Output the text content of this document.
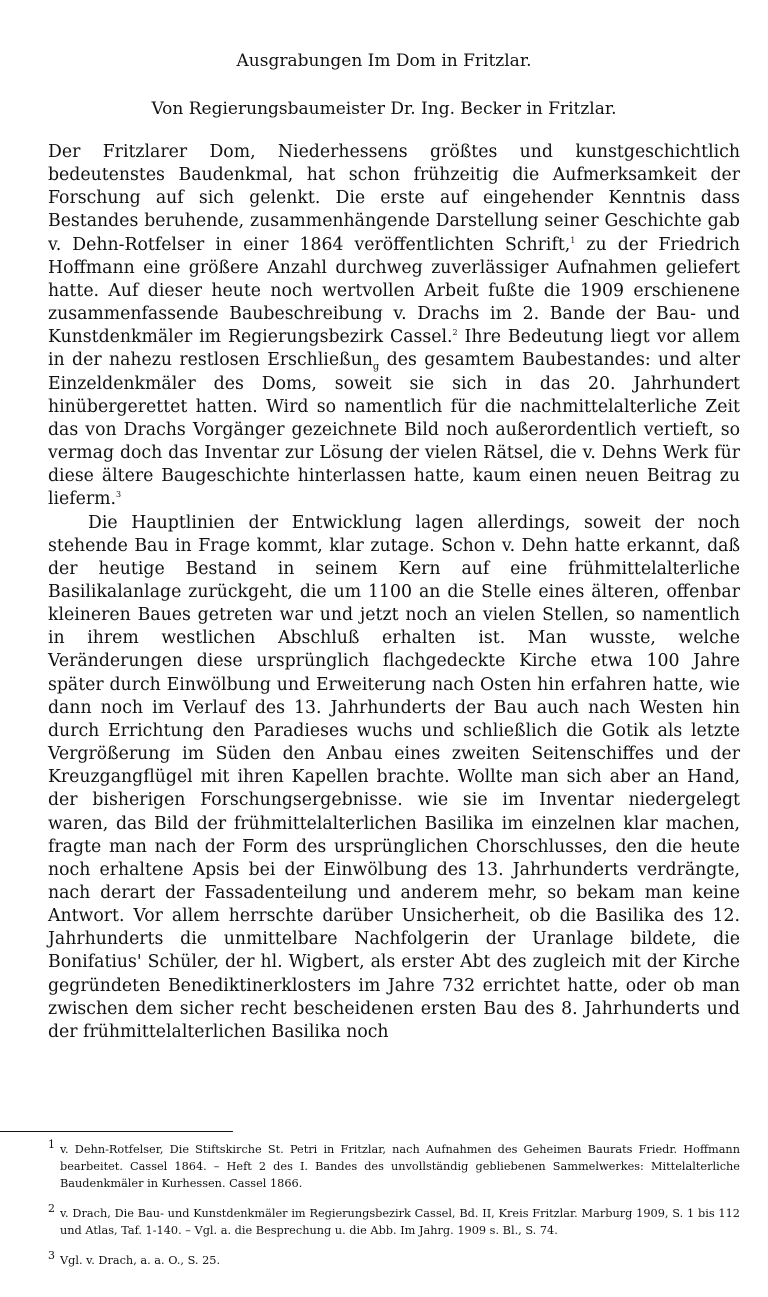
Ausgrabungen Im Dom in Fritzlar.
Von Regierungsbaumeister Dr. Ing. Becker in Fritzlar.

Der Fritzlarer Dom, Niederhessens größtes und kunstgeschichtlich bedeutenstes Baudenkmal, hat schon frühzeitig die Aufmerksamkeit der Forschung auf sich gelenkt. Die erste auf eingehender Kenntnis dass Bestandes beruhende, zusammenhängende Darstellung seiner Geschichte gab v. Dehn-Rotfelser in einer 1864 veröffentlichten Schrift,$^1$ zu der Friedrich Hoffmann eine größere Anzahl durchweg zuverlässiger Aufnahmen geliefert hatte. Auf dieser heute noch wertvollen Arbeit fußte die 1909 erschienene zusammenfassende Baubeschreibung v. Drachs im 2. Bande der Bau- und Kunstdenkmäler im Regierungsbezirk Cassel.$^2$ Ihre Bedeutung liegt vor allem in der nahezu restlosen Erschließun$_g$ des gesamtem Baubestandes: und alter Einzeldenkmäler des Doms, soweit sie sich in das 20. Jahrhundert hinübergerettet hatten. Wird so namentlich für die nachmittelalterliche Zeit das von Drachs Vorgänger gezeichnete Bild noch außerordentlich vertieft, so vermag doch das Inventar zur Lösung der vielen Rätsel, die v. Dehns Werk für diese ältere Baugeschichte hinterlassen hatte, kaum einen neuen Beitrag zu lieferm.$^3$

Die Hauptlinien der Entwicklung lagen allerdings, soweit der noch stehende Bau in Frage kommt, klar zutage. Schon v. Dehn hatte erkannt, daß der heutige Bestand in seinem Kern auf eine frühmittelalterliche Basilikalanlage zurückgeht, die um 1100 an die Stelle eines älteren, offenbar kleineren Baues getreten war und jetzt noch an vielen Stellen, so namentlich in ihrem westlichen Abschluß erhalten ist. Man wusste, welche Veränderungen diese ursprünglich flachgedeckte Kirche etwa 100 Jahre später durch Einwölbung und Erweiterung nach Osten hin erfahren hatte, wie dann noch im Verlauf des 13. Jahrhunderts der Bau auch nach Westen hin durch Errichtung den Paradieses wuchs und schließlich die Gotik als letzte Vergrößerung im Süden den Anbau eines zweiten Seitenschiffes und der Kreuzgangflügel mit ihren Kapellen brachte. Wollte man sich aber an Hand, der bisherigen Forschungsergebnisse. wie sie im Inventar niedergelegt waren, das Bild der frühmittelalterlichen Basilika im einzelnen klar machen, fragte man nach der Form des ursprünglichen Chorschlusses, den die heute noch erhaltene Apsis bei der Einwölbung des 13. Jahrhunderts verdrängte, nach derart der Fassadenteilung und anderem mehr, so bekam man keine Antwort. Vor allem herrschte darüber Unsicherheit, ob die Basilika des 12. Jahrhunderts die unmittelbare Nachfolgerin der Uranlage bildete, die Bonifatius' Schüler, der hl. Wigbert, als erster Abt des zugleich mit der Kirche gegründeten Benediktinerklosters im Jahre 732 errichtet hatte, oder ob man zwischen dem sicher recht bescheidenen ersten Bau des 8. Jahrhunderts und der frühmittelalterlichen Basilika noch

1 v. Dehn-Rotfelser, Die Stiftskirche St. Petri in Fritzlar, nach Aufnahmen des Geheimen Baurats Friedr. Hoffmann bearbeitet. Cassel 1864. – Heft 2 des I. Bandes des unvollständig gebliebenen Sammelwerkes: Mittelalterliche Baudenkmäler in Kurhessen. Cassel 1866.
2 v. Drach, Die Bau- und Kunstdenkmäler im Regierungsbezirk Cassel, Bd. II, Kreis Fritzlar. Marburg 1909, S. 1 bis 112 und Atlas, Taf. 1-140. – Vgl. a. die Besprechung u. die Abb. Im Jahrg. 1909 s. Bl., S. 74.
3 Vgl. v. Drach, a. a. O., S. 25.
